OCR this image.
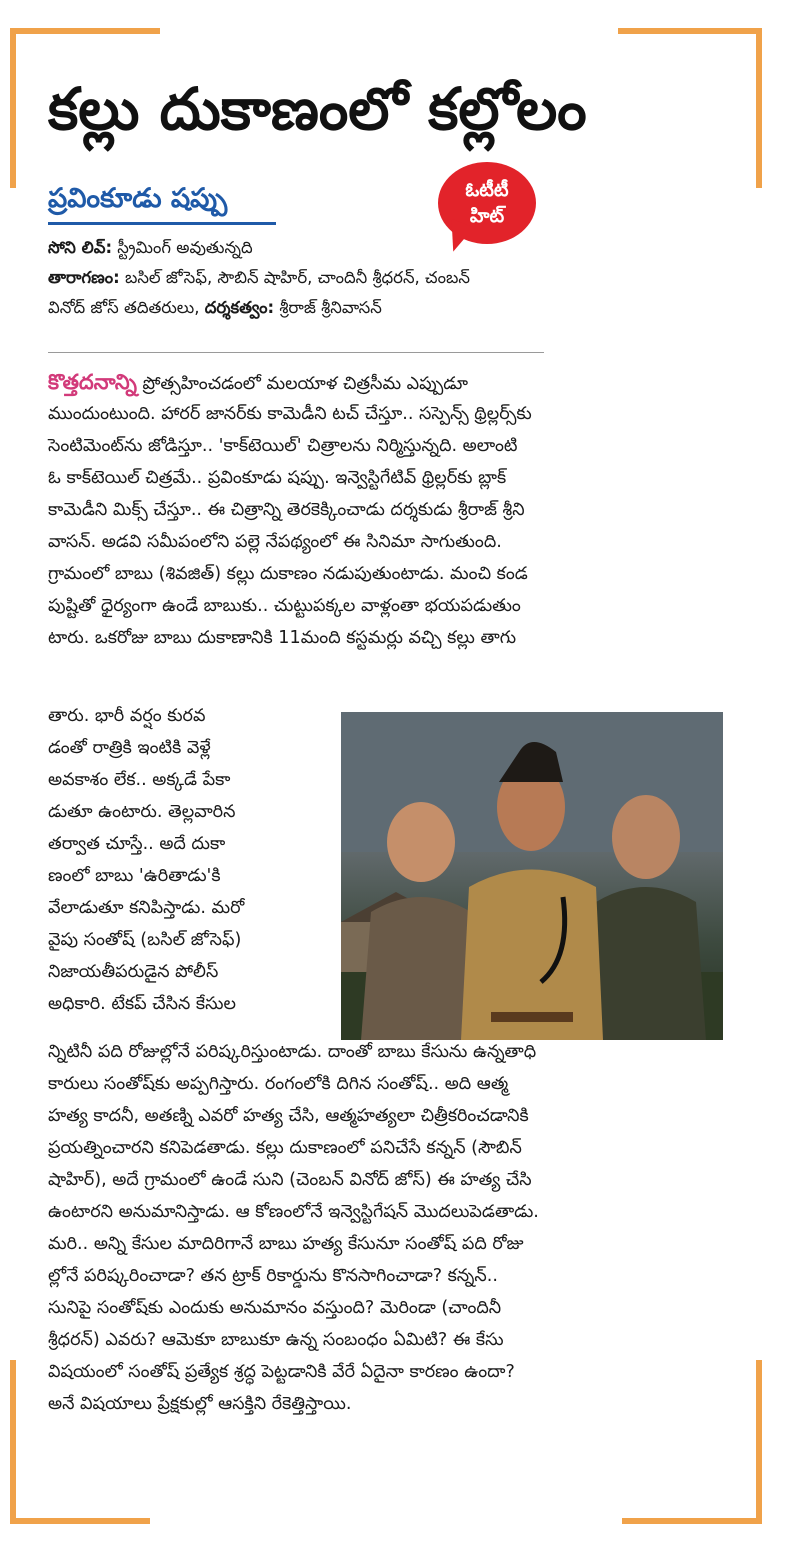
కల్లు దుకాణంలో కల్లోలం
ప్రవింకూడు షప్పు	ఓటీటీ
హిట్
సోని లివ్: స్ట్రీమింగ్ అవుతున్నది
తారాగణం: బసిల్ జోసెఫ్, సౌబిన్ షాహిర్, చాందినీ శ్రీధరన్, చంబన్
వినోద్ జోస్ తదితరులు, దర్శకత్వం: శ్రీరాజ్ శ్రీనివాసన్
కొత్తదనాన్ని ప్రోత్సహించడంలో మలయాళ చిత్రసీమ ఎప్పుడూ
ముందుంటుంది. హారర్ జానర్‌కు కామెడీని టచ్ చేస్తూ.. సస్పెన్స్ థ్రిల్లర్స్‌కు
సెంటిమెంట్‌ను జోడిస్తూ.. 'కాక్‌టెయిల్' చిత్రాలను నిర్మిస్తున్నది. అలాంటి
ఓ కాక్‌టెయిల్ చిత్రమే.. ప్రవింకూడు షప్పు. ఇన్వెస్టిగేటివ్ థ్రిల్లర్‌కు బ్లాక్
కామెడీని మిక్స్ చేస్తూ.. ఈ చిత్రాన్ని తెరకెక్కించాడు దర్శకుడు శ్రీరాజ్ శ్రీని
వాసన్. అడవి సమీపంలోని పల్లె నేపథ్యంలో ఈ సినిమా సాగుతుంది.
గ్రామంలో బాబు (శివజిత్) కల్లు దుకాణం నడుపుతుంటాడు. మంచి కండ
పుష్టితో ధైర్యంగా ఉండే బాబుకు.. చుట్టుపక్కల వాళ్లంతా భయపడుతుం
టారు. ఒకరోజు బాబు దుకాణానికి 11మంది కస్టమర్లు వచ్చి కల్లు తాగు
తారు. భారీ వర్షం కురవ
డంతో రాత్రికి ఇంటికి వెళ్లే
అవకాశం లేక.. అక్కడే పేకా
డుతూ ఉంటారు. తెల్లవారిన
తర్వాత చూస్తే.. అదే దుకా
ణంలో బాబు 'ఉరితాడు'కి
వేలాడుతూ కనిపిస్తాడు. మరో
వైపు సంతోష్ (బసిల్ జోసెఫ్)
నిజాయతీపరుడైన పోలీస్
అధికారి. టేకప్ చేసిన కేసుల
న్నిటినీ పది రోజుల్లోనే పరిష్కరిస్తుంటాడు. దాంతో బాబు కేసును ఉన్నతాధి
కారులు సంతోష్‌కు అప్పగిస్తారు. రంగంలోకి దిగిన సంతోష్.. అది ఆత్మ
హత్య కాదనీ, అతణ్ని ఎవరో హత్య చేసి, ఆత్మహత్యలా చిత్రీకరించడానికి
ప్రయత్నించారని కనిపెడతాడు. కల్లు దుకాణంలో పనిచేసే కన్నన్ (సౌబిన్
షాహిర్), అదే గ్రామంలో ఉండే సుని (చెంబన్ వినోద్ జోస్) ఈ హత్య చేసి
ఉంటారని అనుమానిస్తాడు. ఆ కోణంలోనే ఇన్వెస్టిగేషన్ మొదలుపెడతాడు.
మరి.. అన్ని కేసుల మాదిరిగానే బాబు హత్య కేసునూ సంతోష్ పది రోజు
ల్లోనే పరిష్కరించాడా? తన ట్రాక్ రికార్డును కొనసాగించాడా? కన్నన్..
సునిపై సంతోష్‌కు ఎందుకు అనుమానం వస్తుంది? మెరిండా (చాందినీ
శ్రీధరన్) ఎవరు? ఆమెకూ బాబుకూ ఉన్న సంబంధం ఏమిటి? ఈ కేసు
విషయంలో సంతోష్ ప్రత్యేక శ్రద్ధ పెట్టడానికి వేరే ఏదైనా కారణం ఉందా?
అనే విషయాలు ప్రేక్షకుల్లో ఆసక్తిని రేకెత్తిస్తాయి.
